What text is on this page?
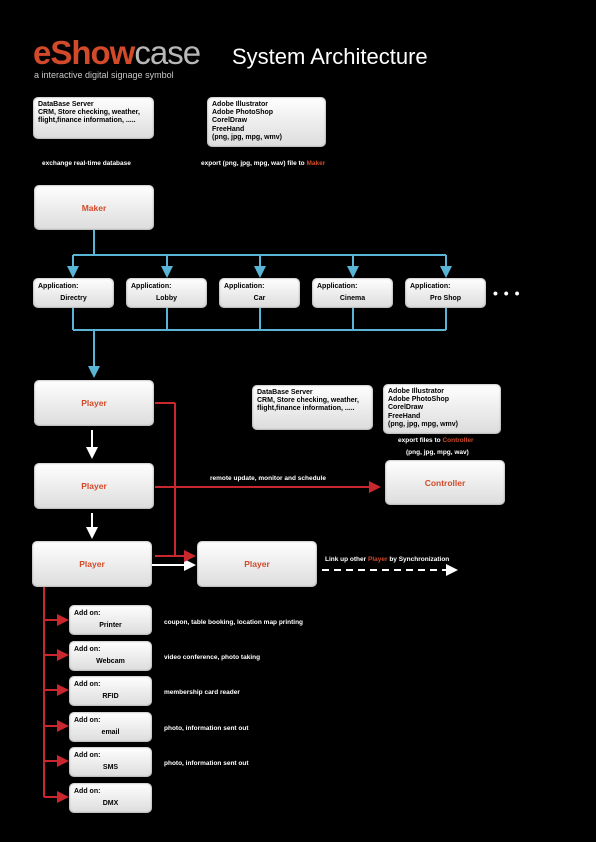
eShowcase
a interactive digital signage symbol
System Architecture
DataBase Server
CRM, Store checking, weather,
flight,finance information, .....
Adobe Illustrator
Adobe PhotoShop
CorelDraw
FreeHand
(png, jpg, mpg, wmv)
exchange real-time database	export (png, jpg, mpg, wav) file to Maker
Maker
Application:
Directry
Application:
Lobby
Application:
Car
Application:
Cinema
Application:
Pro Shop	• • •
Player
Player
Player	Player
DataBase Server
CRM, Store checking, weather,
flight,finance information, .....
Adobe Illustrator
Adobe PhotoShop
CorelDraw
FreeHand
(png, jpg, mpg, wmv)
export files to Controller
(png, jpg, mpg, wav)
Controller
remote update, monitor and schedule
Link up other Player by Synchronization
Add on:
Printer	coupon, table booking, location map printing
Add on:
Webcam
video conference, photo taking
Add on:
RFID
membership card reader
Add on:
email
photo, information sent out
Add on:
SMS
photo, information sent out
Add on:
DMX
